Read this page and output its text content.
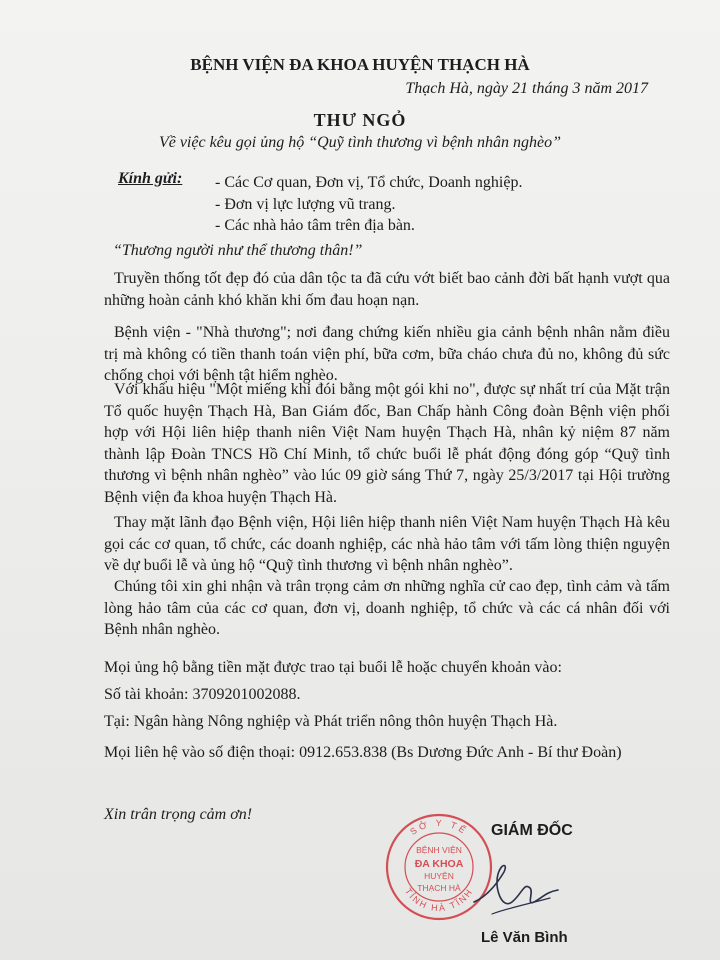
BỆNH VIỆN ĐA KHOA HUYỆN THẠCH HÀ
Thạch Hà, ngày 21 tháng 3 năm 2017
THƯ NGỎ
Về việc kêu gọi ủng hộ “Quỹ tình thương vì bệnh nhân nghèo”
Kính gửi: - Các Cơ quan, Đơn vị, Tổ chức, Doanh nghiệp.
- Đơn vị lực lượng vũ trang.
- Các nhà hảo tâm trên địa bàn.
“Thương người như thể thương thân!”

Truyền thống tốt đẹp đó của dân tộc ta đã cứu vớt biết bao cảnh đời bất hạnh vượt qua những hoàn cảnh khó khăn khi ốm đau hoạn nạn.

Bệnh viện - "Nhà thương"; nơi đang chứng kiến nhiều gia cảnh bệnh nhân nằm điều trị mà không có tiền thanh toán viện phí, bữa cơm, bữa cháo chưa đủ no, không đủ sức chống chọi với bệnh tật hiểm nghèo.

Với khẩu hiệu "Một miếng khi đói bằng một gói khi no", được sự nhất trí của Mặt trận Tổ quốc huyện Thạch Hà, Ban Giám đốc, Ban Chấp hành Công đoàn Bệnh viện phối hợp với Hội liên hiệp thanh niên Việt Nam huyện Thạch Hà, nhân kỷ niệm 87 năm thành lập Đoàn TNCS Hồ Chí Minh, tổ chức buổi lễ phát động đóng góp “Quỹ tình thương vì bệnh nhân nghèo” vào lúc 09 giờ sáng Thứ 7, ngày 25/3/2017 tại Hội trường Bệnh viện đa khoa huyện Thạch Hà.

Thay mặt lãnh đạo Bệnh viện, Hội liên hiệp thanh niên Việt Nam huyện Thạch Hà kêu gọi các cơ quan, tổ chức, các doanh nghiệp, các nhà hảo tâm với tấm lòng thiện nguyện về dự buổi lễ và ủng hộ “Quỹ tình thương vì bệnh nhân nghèo”.

Chúng tôi xin ghi nhận và trân trọng cảm ơn những nghĩa cử cao đẹp, tình cảm và tấm lòng hảo tâm của các cơ quan, đơn vị, doanh nghiệp, tổ chức và các cá nhân đối với Bệnh nhân nghèo.

Mọi ủng hộ bằng tiền mặt được trao tại buổi lễ hoặc chuyển khoản vào:
Số tài khoản: 3709201002088.
Tại: Ngân hàng Nông nghiệp và Phát triển nông thôn huyện Thạch Hà.
Mọi liên hệ vào số điện thoại: 0912.653.838 (Bs Dương Đức Anh - Bí thư Đoàn)
Xin trân trọng cảm ơn!
SỞ Y TẾ
TỈNH HÀ TĨNH
BỆNH VIỆN
ĐA KHOA
HUYỆN
THẠCH HÀ
GIÁM ĐỐC
Lê Văn Bình
